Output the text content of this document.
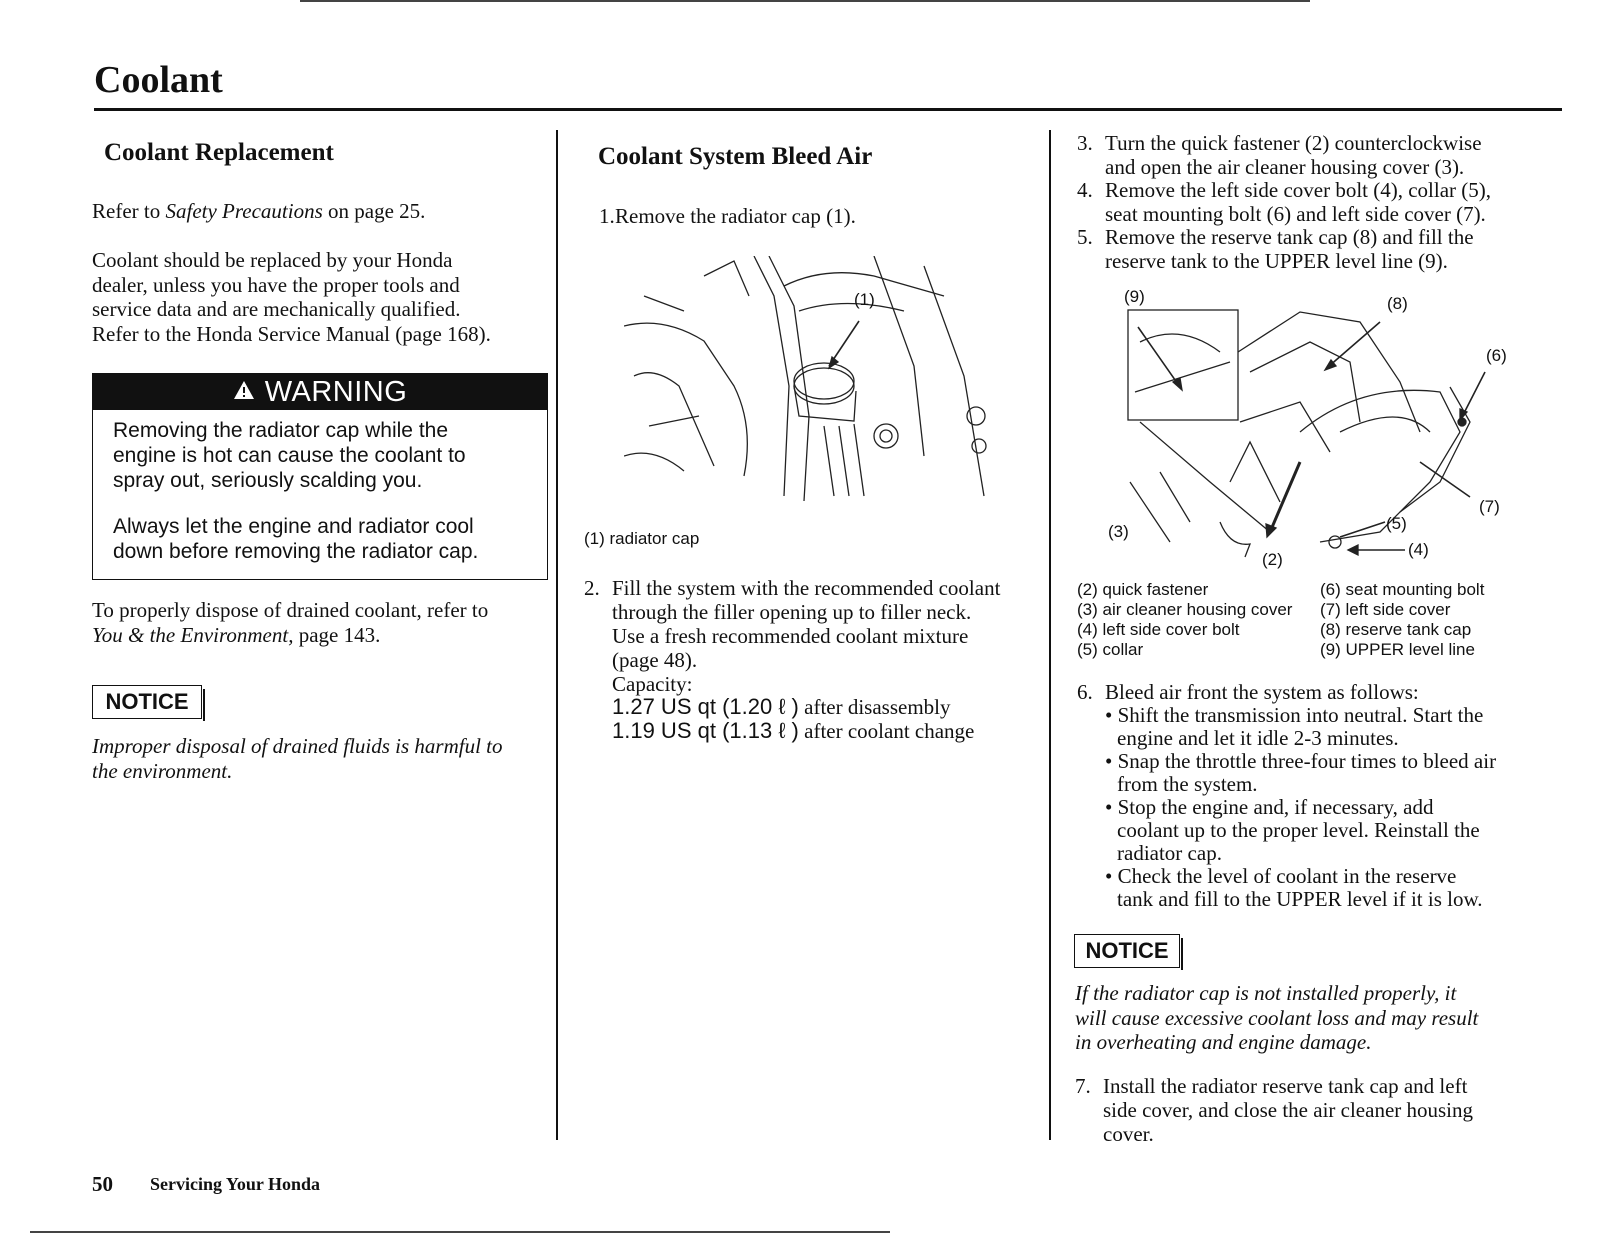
Coolant
Coolant Replacement

Refer to Safety Precautions on page 25.

Coolant should be replaced by your Honda
dealer, unless you have the proper tools and
service data and are mechanically qualified.
Refer to the Honda Service Manual (page 168).

WARNING

Removing the radiator cap while the
engine is hot can cause the coolant to
spray out, seriously scalding you.

Always let the engine and radiator cool
down before removing the radiator cap.

To properly dispose of drained coolant, refer to
You & the Environment, page 143.

NOTICE

Improper disposal of drained fluids is harmful to
the environment.

Coolant System Bleed Air
1. Remove the radiator cap (1).
(1)

(1) radiator cap

2. Fill the system with the recommended coolant
through the filler opening up to filler neck.
Use a fresh recommended coolant mixture
(page 48).
Capacity:
1.27 US qt (1.20 ℓ ) after disassembly
1.19 US qt (1.13 ℓ ) after coolant change
3. Turn the quick fastener (2) counterclockwise
and open the air cleaner housing cover (3).
4. Remove the left side cover bolt (4), collar (5),
seat mounting bolt (6) and left side cover (7).
5. Remove the reserve tank cap (8) and fill the
reserve tank to the UPPER level line (9).
(9)	(8)
(6)
(7)
(5)
(4)
(3)
(2)
(2) quick fastener
(3) air cleaner housing cover
(4) left side cover bolt
(5) collar
(6) seat mounting bolt
(7) left side cover
(8) reserve tank cap
(9) UPPER level line
6. Bleed air front the system as follows:
• Shift the transmission into neutral. Start the
engine and let it idle 2-3 minutes.
• Snap the throttle three-four times to bleed air
from the system.
• Stop the engine and, if necessary, add
coolant up to the proper level. Reinstall the
radiator cap.
• Check the level of coolant in the reserve
tank and fill to the UPPER level if it is low.
NOTICE

If the radiator cap is not installed properly, it
will cause excessive coolant loss and may result
in overheating and engine damage.

7. Install the radiator reserve tank cap and left
side cover, and close the air cleaner housing
cover.
50 Servicing Your Honda
